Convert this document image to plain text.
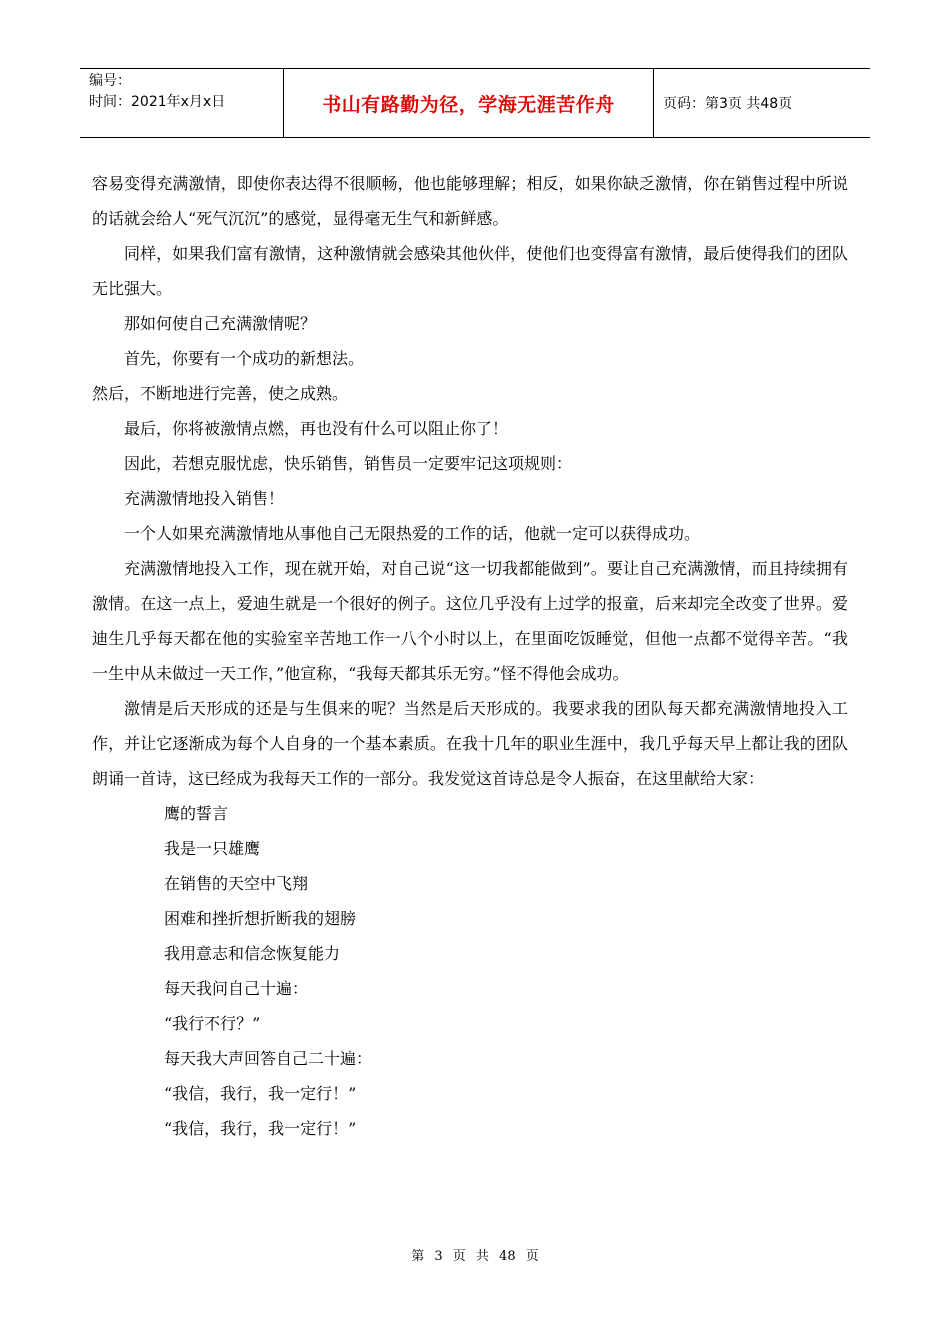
编号：
时间：2021年x月x日	书山有路勤为径，学海无涯苦作舟	页码：第3页 共48页

容易变得充满激情，即使你表达得不很顺畅，他也能够理解；相反，如果你缺乏激情，你在销售过程中所说的话就会给人“死气沉沉”的感觉，显得毫无生气和新鲜感。

同样，如果我们富有激情，这种激情就会感染其他伙伴，使他们也变得富有激情，最后使得我们的团队无比强大。

那如何使自己充满激情呢？

首先，你要有一个成功的新想法。

然后，不断地进行完善，使之成熟。

最后，你将被激情点燃，再也没有什么可以阻止你了！

因此，若想克服忧虑，快乐销售，销售员一定要牢记这项规则：

充满激情地投入销售！

一个人如果充满激情地从事他自己无限热爱的工作的话，他就一定可以获得成功。

充满激情地投入工作，现在就开始，对自己说“这一切我都能做到”。要让自己充满激情，而且持续拥有激情。在这一点上，爱迪生就是一个很好的例子。这位几乎没有上过学的报童，后来却完全改变了世界。爱迪生几乎每天都在他的实验室辛苦地工作一八个小时以上，在里面吃饭睡觉，但他一点都不觉得辛苦。“我一生中从未做过一天工作，”他宣称，“我每天都其乐无穷。”怪不得他会成功。

激情是后天形成的还是与生俱来的呢？当然是后天形成的。我要求我的团队每天都充满激情地投入工作，并让它逐渐成为每个人自身的一个基本素质。在我十几年的职业生涯中，我几乎每天早上都让我的团队朗诵一首诗，这已经成为我每天工作的一部分。我发觉这首诗总是令人振奋，在这里献给大家：

鹰的誓言

我是一只雄鹰

在销售的天空中飞翔

困难和挫折想折断我的翅膀

我用意志和信念恢复能力

每天我问自己十遍：

“我行不行？”

每天我大声回答自己二十遍：

“我信，我行，我一定行！”

“我信，我行，我一定行！”

第 3 页 共 48 页
